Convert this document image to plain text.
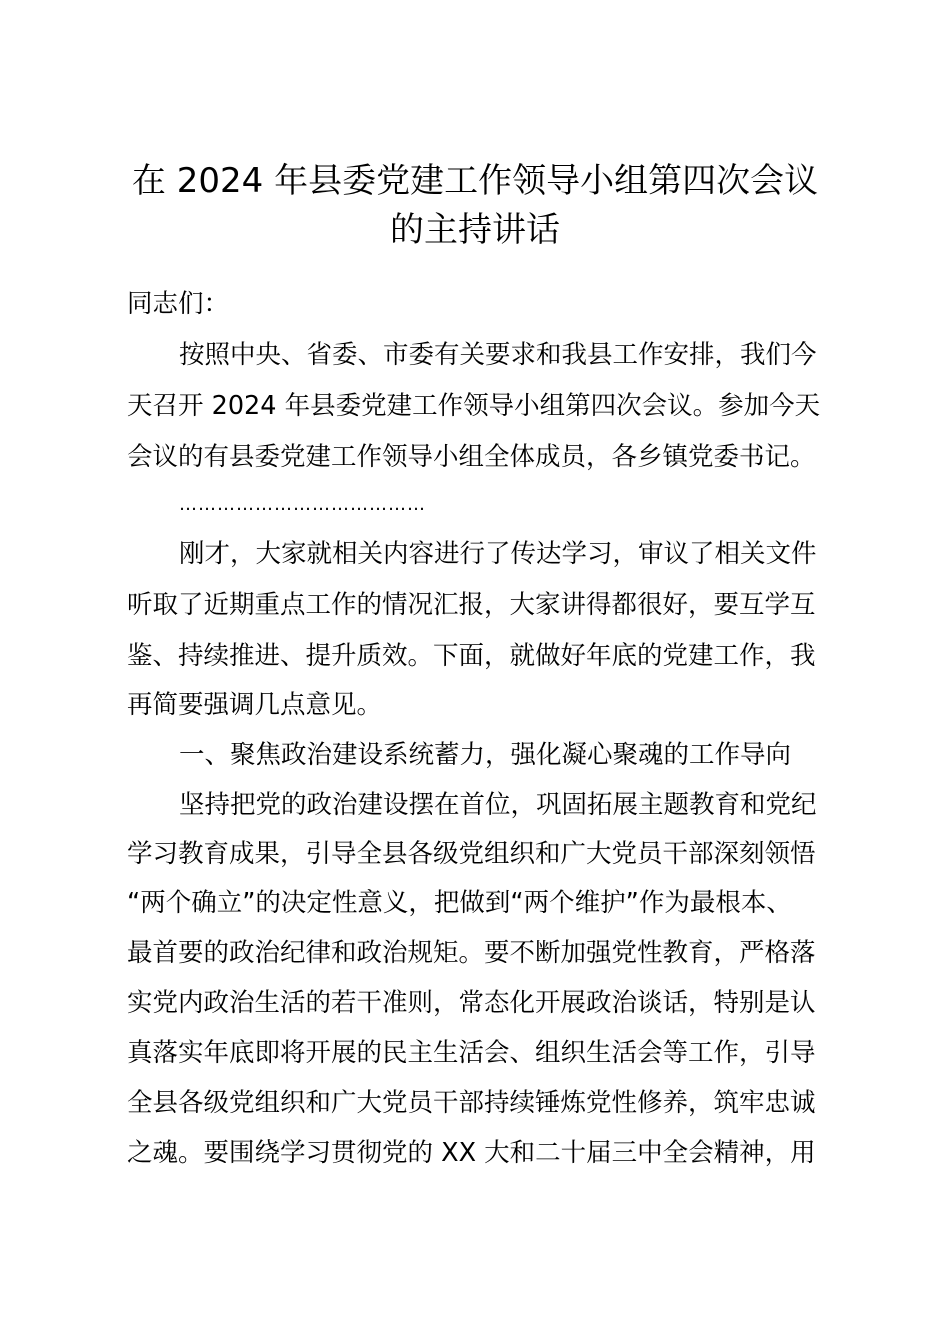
在 2024 年县委党建工作领导小组第四次会议
的主持讲话

同志们：

按照中央、省委、市委有关要求和我县工作安排，我们今

天召开 2024 年县委党建工作领导小组第四次会议。参加今天

会议的有县委党建工作领导小组全体成员，各乡镇党委书记。

…………………………………

刚才，大家就相关内容进行了传达学习，审议了相关文件

听取了近期重点工作的情况汇报，大家讲得都很好，要互学互

鉴、持续推进、提升质效。下面，就做好年底的党建工作，我

再简要强调几点意见。

一、聚焦政治建设系统蓄力，强化凝心聚魂的工作导向

坚持把党的政治建设摆在首位，巩固拓展主题教育和党纪

学习教育成果，引导全县各级党组织和广大党员干部深刻领悟

“两个确立”的决定性意义，把做到“两个维护”作为最根本、

最首要的政治纪律和政治规矩。要不断加强党性教育，严格落

实党内政治生活的若干准则，常态化开展政治谈话，特别是认

真落实年底即将开展的民主生活会、组织生活会等工作，引导

全县各级党组织和广大党员干部持续锤炼党性修养，筑牢忠诚

之魂。要围绕学习贯彻党的 XX 大和二十届三中全会精神，用
